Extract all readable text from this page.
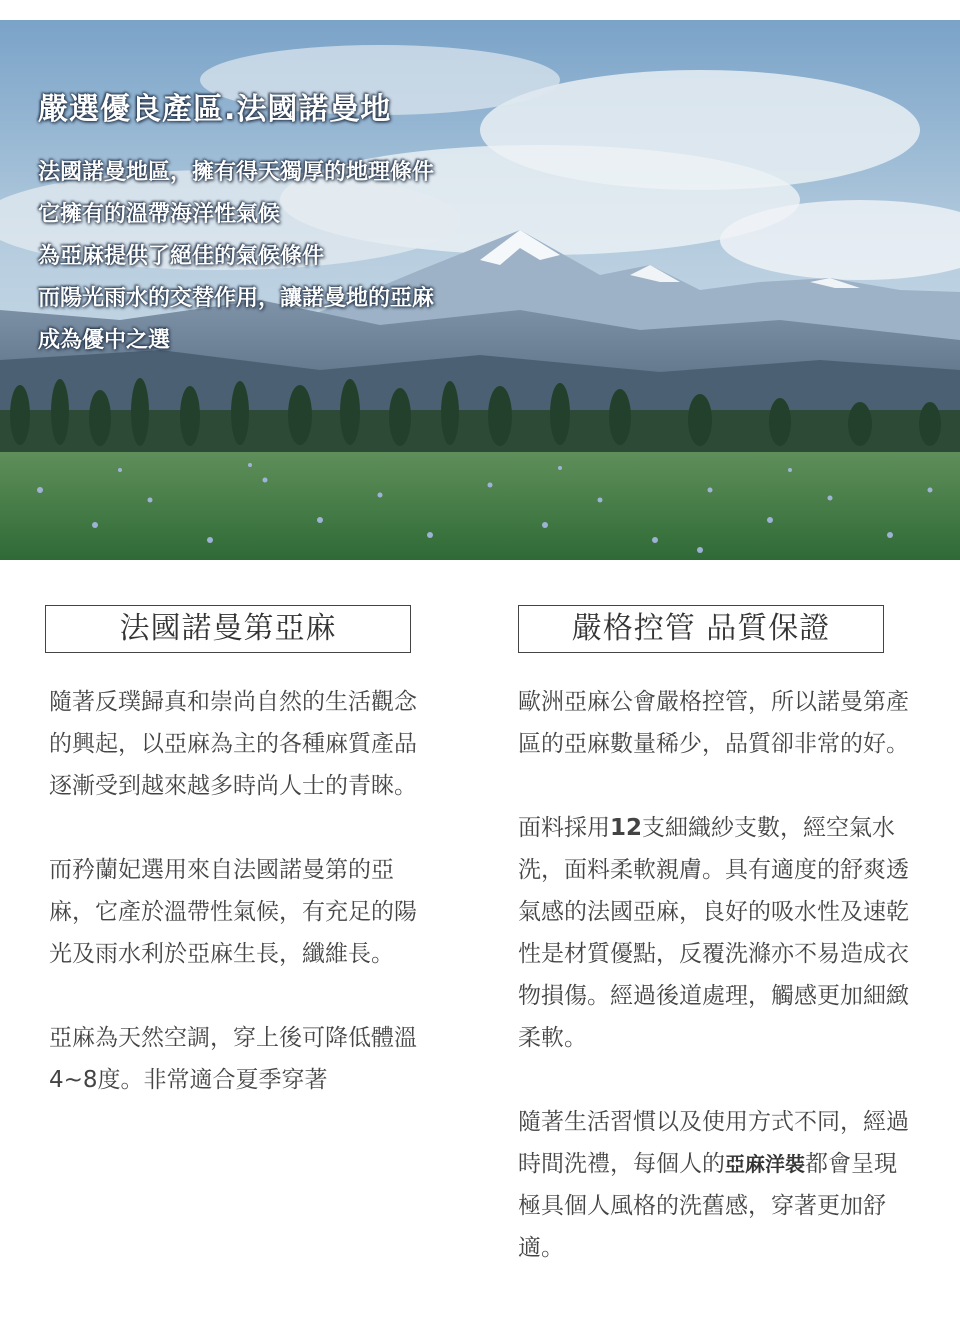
嚴選優良產區.法國諾曼地

法國諾曼地區，擁有得天獨厚的地理條件

它擁有的溫帶海洋性氣候

為亞麻提供了絕佳的氣候條件

而陽光雨水的交替作用，讓諾曼地的亞麻

成為優中之選

法國諾曼第亞麻

隨著反璞歸真和崇尚自然的生活觀念的興起，以亞麻為主的各種麻質產品逐漸受到越來越多時尚人士的青睞。

而矜蘭妃選用來自法國諾曼第的亞麻，它產於溫帶性氣候，有充足的陽光及雨水利於亞麻生長，纖維長。

亞麻為天然空調，穿上後可降低體溫4~8度。非常適合夏季穿著

嚴格控管 品質保證

歐洲亞麻公會嚴格控管，所以諾曼第產區的亞麻數量稀少，品質卻非常的好。

面料採用12支細織紗支數，經空氣水洗，面料柔軟親膚。具有適度的舒爽透氣感的法國亞麻，良好的吸水性及速乾性是材質優點，反覆洗滌亦不易造成衣物損傷。經過後道處理，觸感更加細緻柔軟。

隨著生活習慣以及使用方式不同，經過時間洗禮，每個人的亞麻洋裝都會呈現極具個人風格的洗舊感，穿著更加舒適。
